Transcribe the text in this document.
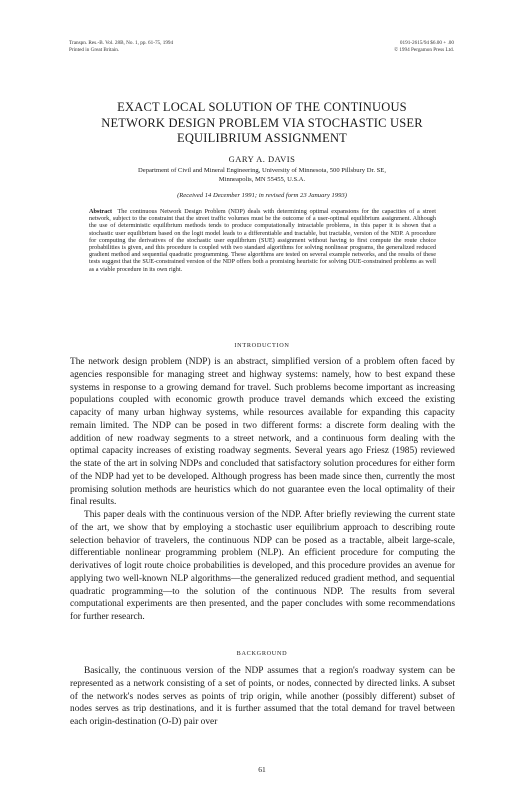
Transpn. Res.-B. Vol. 28B, No. 1, pp. 61-75, 1994
Printed in Great Britain.
0191-2615/94 $6.00 + .00
© 1994 Pergamon Press Ltd.
EXACT LOCAL SOLUTION OF THE CONTINUOUS
NETWORK DESIGN PROBLEM VIA STOCHASTIC USER
EQUILIBRIUM ASSIGNMENT
GARY A. DAVIS
Department of Civil and Mineral Engineering, University of Minnesota, 500 Pillsbury Dr. SE,
Minneapolis, MN 55455, U.S.A.
(Received 14 December 1991; in revised form 23 January 1993)
Abstract The continuous Network Design Problem (NDP) deals with determining optimal expansions for the capacities of a street network, subject to the constraint that the street traffic volumes must be the outcome of a user-optimal equilibrium assignment. Although the use of deterministic equilibrium methods tends to produce computationally intractable problems, in this paper it is shown that a stochastic user equilibrium based on the logit model leads to a differentiable and tractable, but tractable, version of the NDP. A procedure for computing the derivatives of the stochastic user equilibrium (SUE) assignment without having to first compute the route choice probabilities is given, and this procedure is coupled with two standard algorithms for solving nonlinear programs, the generalized reduced gradient method and sequential quadratic programming. These algorithms are tested on several example networks, and the results of these tests suggest that the SUE-constrained version of the NDP offers both a promising heuristic for solving DUE-constrained problems as well as a viable procedure in its own right.
INTRODUCTION

The network design problem (NDP) is an abstract, simplified version of a problem often faced by agencies responsible for managing street and highway systems: namely, how to best expand these systems in response to a growing demand for travel. Such problems become important as increasing populations coupled with economic growth produce travel demands which exceed the existing capacity of many urban highway systems, while resources available for expanding this capacity remain limited. The NDP can be posed in two different forms: a discrete form dealing with the addition of new roadway segments to a street network, and a continuous form dealing with the optimal capacity increases of existing roadway segments. Several years ago Friesz (1985) reviewed the state of the art in solving NDPs and concluded that satisfactory solution procedures for either form of the NDP had yet to be developed. Although progress has been made since then, currently the most promising solution methods are heuristics which do not guarantee even the local optimality of their final results.

This paper deals with the continuous version of the NDP. After briefly reviewing the current state of the art, we show that by employing a stochastic user equilibrium approach to describing route selection behavior of travelers, the continuous NDP can be posed as a tractable, albeit large-scale, differentiable nonlinear programming problem (NLP). An efficient procedure for computing the derivatives of logit route choice probabilities is developed, and this procedure provides an avenue for applying two well-known NLP algorithms—the generalized reduced gradient method, and sequential quadratic programming—to the solution of the continuous NDP. The results from several computational experiments are then presented, and the paper concludes with some recommendations for further research.

BACKGROUND

Basically, the continuous version of the NDP assumes that a region's roadway system can be represented as a network consisting of a set of points, or nodes, connected by directed links. A subset of the network's nodes serves as points of trip origin, while another (possibly different) subset of nodes serves as trip destinations, and it is further assumed that the total demand for travel between each origin-destination (O-D) pair over

61
